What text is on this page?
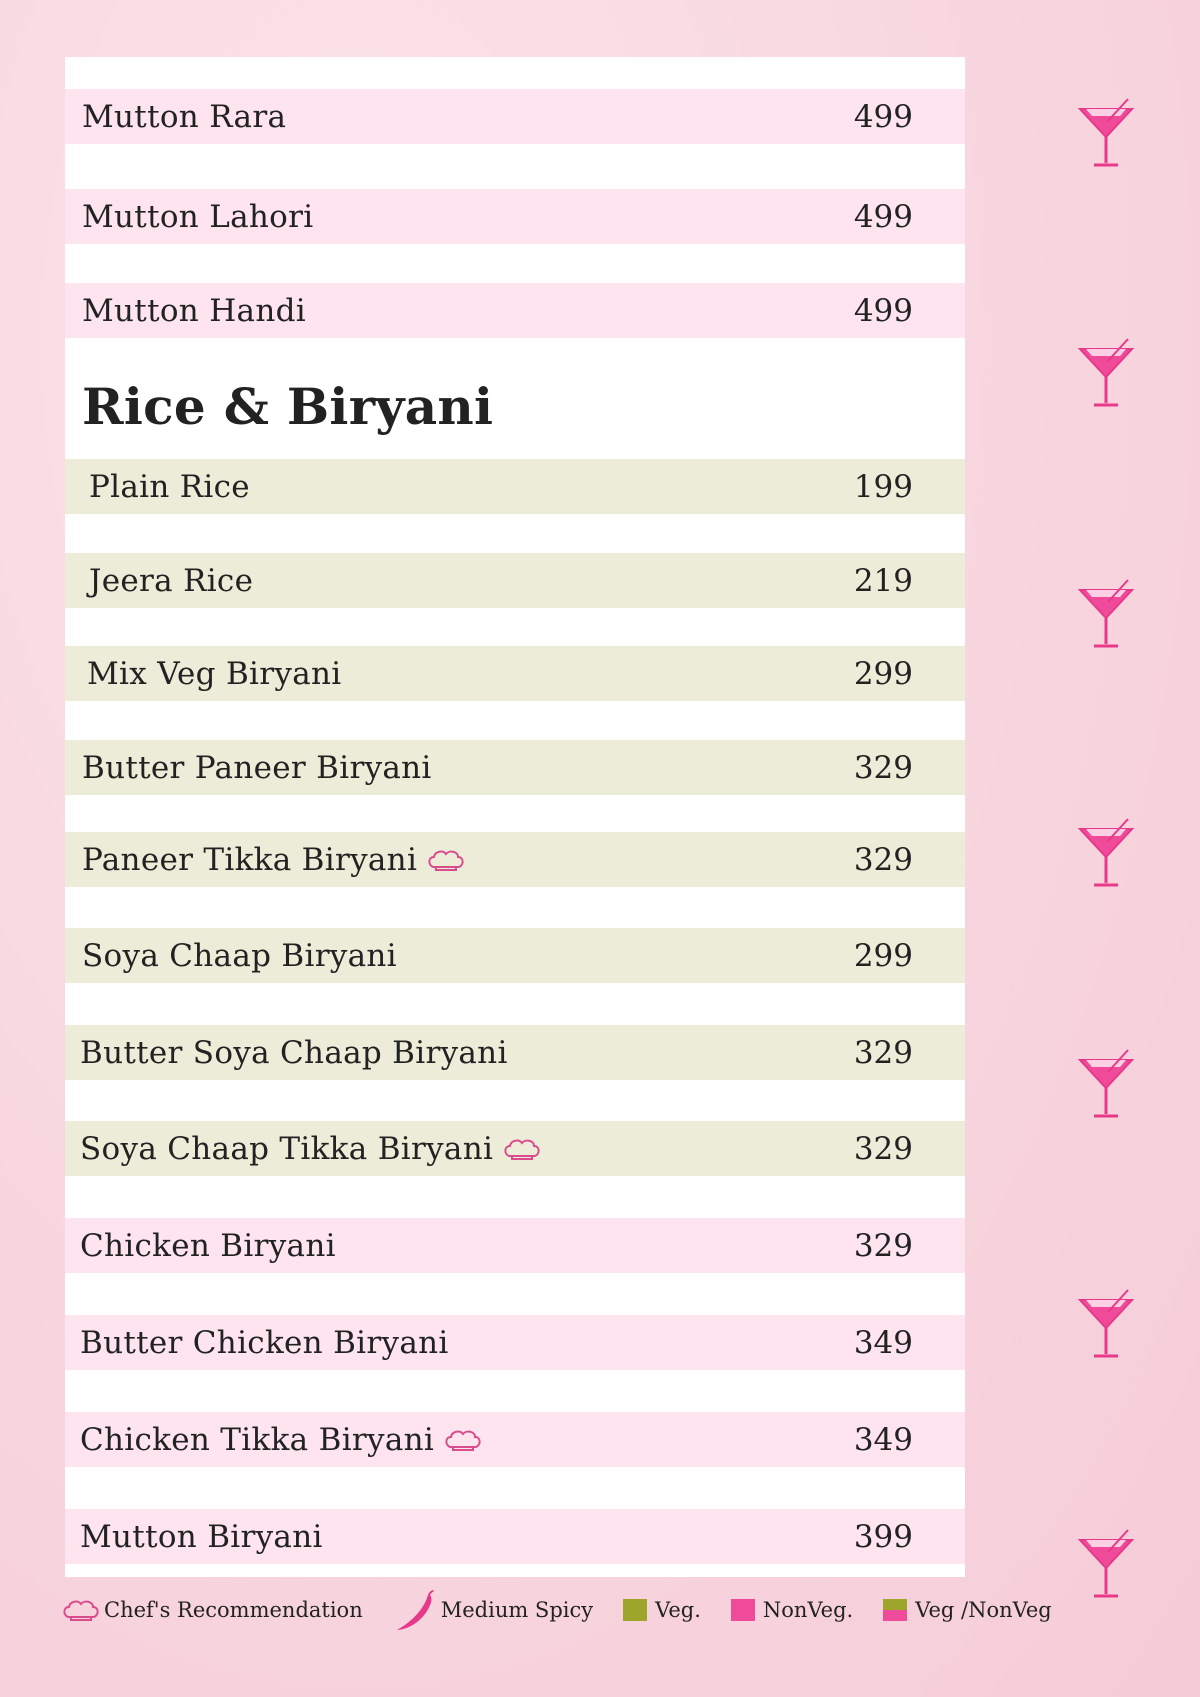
Mutton Rara	499
Mutton Lahori	499
Mutton Handi	499
Rice & Biryani
Plain Rice	199
Jeera Rice	219
Mix Veg Biryani	299
Butter Paneer Biryani	329
Paneer Tikka Biryani	329
Soya Chaap Biryani	299
Butter Soya Chaap Biryani	329
Soya Chaap Tikka Biryani	329
Chicken Biryani	329
Butter Chicken Biryani	349
Chicken Tikka Biryani	349
Mutton Biryani	399
Chef's Recommendation	Medium Spicy	Veg.	NonVeg.	Veg /NonVeg
